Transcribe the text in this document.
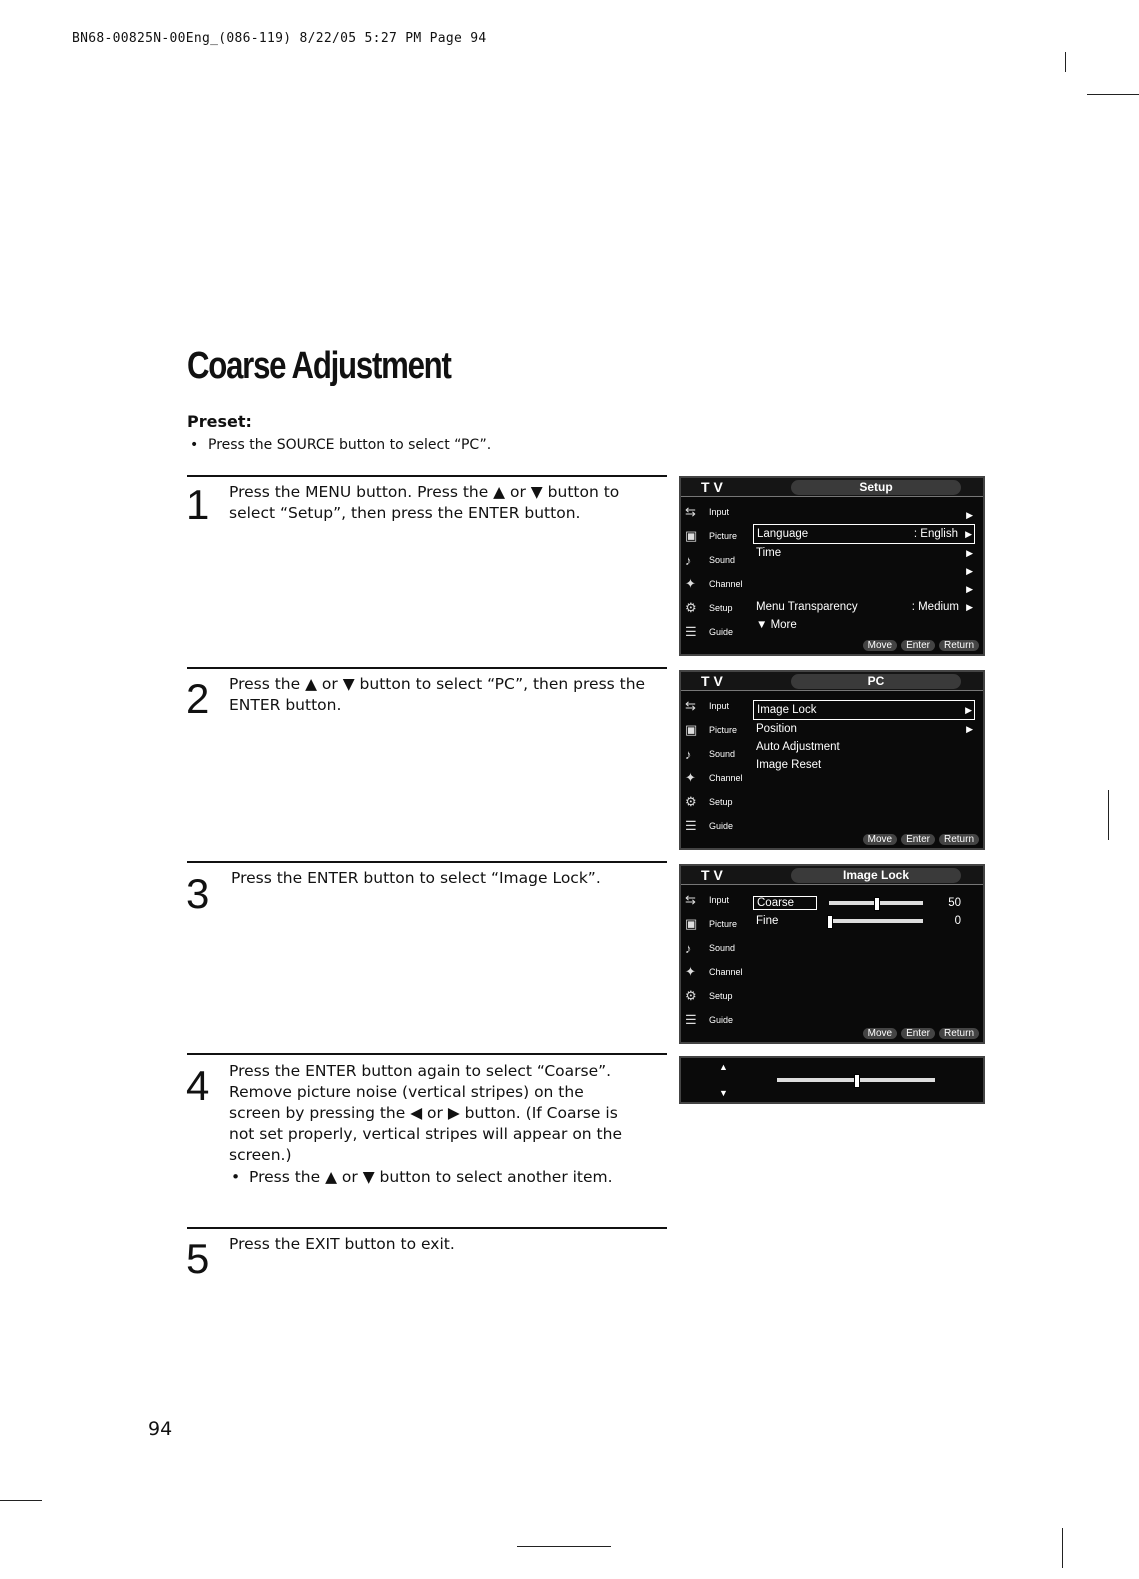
BN68-00825N-00Eng_(086-119) 8/22/05 5:27 PM Page 94
Coarse Adjustment
Preset:
• Press the SOURCE button to select “PC”.
1 Press the MENU button. Press the ▲ or ▼ button to select “Setup”, then press the ENTER button.
2 Press the ▲ or ▼ button to select “PC”, then press the ENTER button.
3 Press the ENTER button to select “Image Lock”.
4 Press the ENTER button again to select “Coarse”. Remove picture noise (vertical stripes) on the screen by pressing the ◀ or ▶ button. (If Coarse is not set properly, vertical stripes will appear on the screen.)
• Press the ▲ or ▼ button to select another item.
5 Press the EXIT button to exit.
T V	Setup
⇆	Input
▣	Picture
♪	Sound
✦	Channel
⚙	Setup
☰	Guide
▶
Language	: English ▶
Time	▶
▶
▶
Menu Transparency	: Medium ▶
▼ More
Move	Enter	Return
T V	PC
⇆	Input
▣	Picture
♪	Sound
✦	Channel
⚙	Setup
☰	Guide
Image Lock	▶
Position	▶
Auto Adjustment
Image Reset
Move	Enter	Return
T V	Image Lock
⇆	Input
▣	Picture
♪	Sound
✦	Channel
⚙	Setup
☰	Guide
Coarse	50
Fine	0
Move	Enter	Return
▲
▼
94
